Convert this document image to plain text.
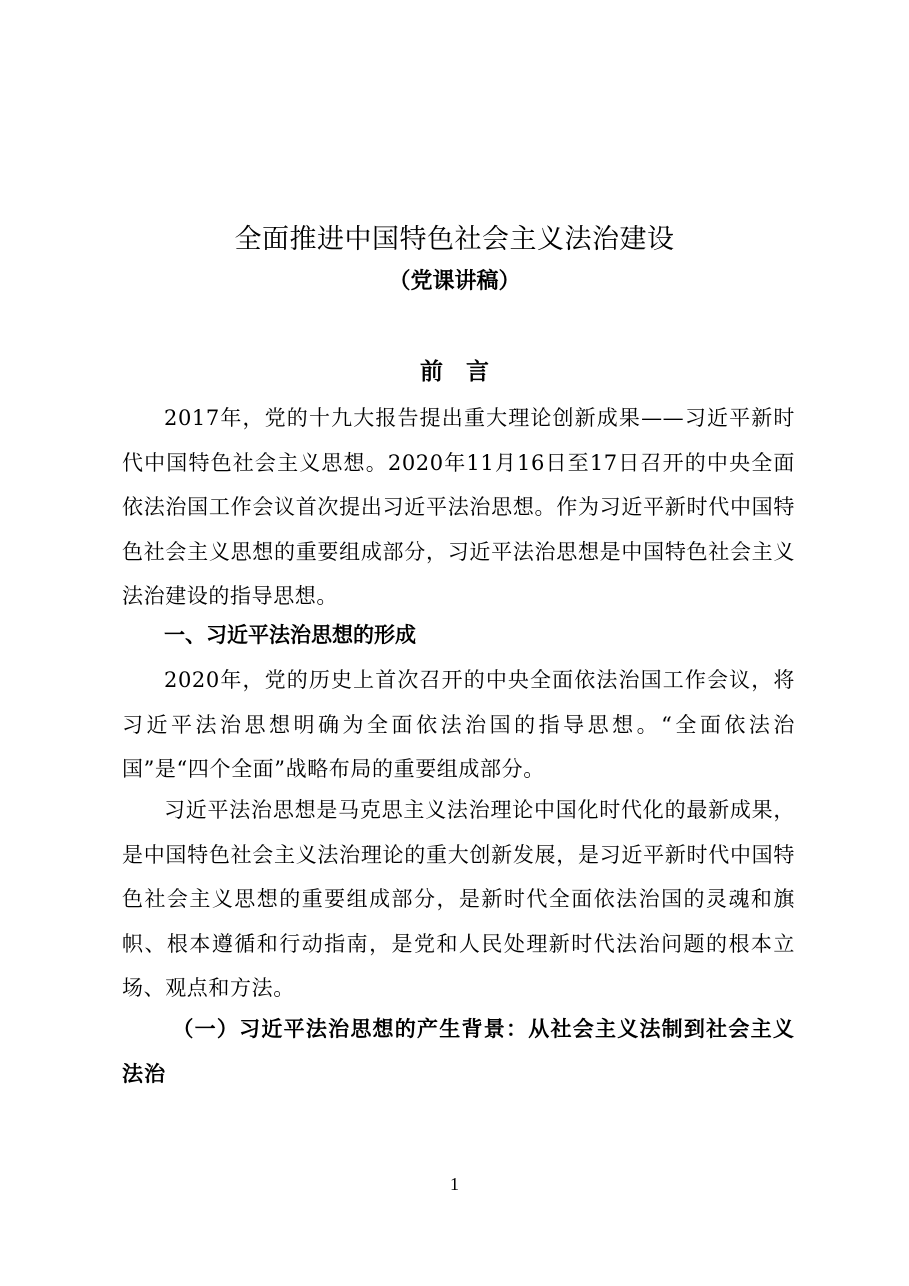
全面推进中国特色社会主义法治建设
（党课讲稿）
前　言
2017年，党的十九大报告提出重大理论创新成果——习近平新时代中国特色社会主义思想。2020年11月16日至17日召开的中央全面依法治国工作会议首次提出习近平法治思想。作为习近平新时代中国特色社会主义思想的重要组成部分，习近平法治思想是中国特色社会主义法治建设的指导思想。
一、习近平法治思想的形成
2020年，党的历史上首次召开的中央全面依法治国工作会议，将习近平法治思想明确为全面依法治国的指导思想。“全面依法治国”是“四个全面”战略布局的重要组成部分。
习近平法治思想是马克思主义法治理论中国化时代化的最新成果，是中国特色社会主义法治理论的重大创新发展，是习近平新时代中国特色社会主义思想的重要组成部分，是新时代全面依法治国的灵魂和旗帜、根本遵循和行动指南，是党和人民处理新时代法治问题的根本立场、观点和方法。
（一）习近平法治思想的产生背景：从社会主义法制到社会主义法治
1
